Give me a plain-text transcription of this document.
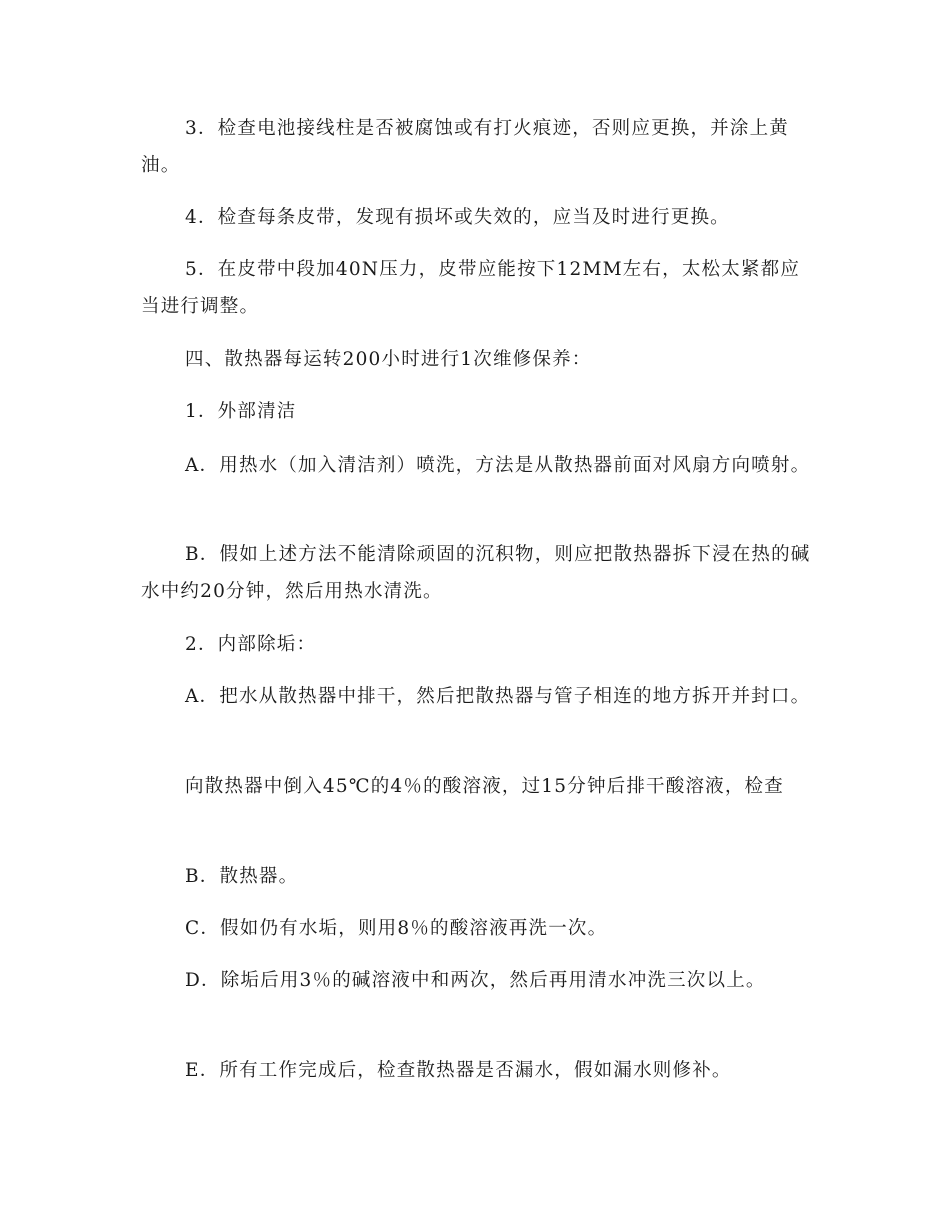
3．检查电池接线柱是否被腐蚀或有打火痕迹，否则应更换，并涂上黄油。

4．检查每条皮带，发现有损坏或失效的，应当及时进行更换。

5．在皮带中段加40N压力，皮带应能按下12MM左右，太松太紧都应当进行调整。

四、散热器每运转200小时进行1次维修保养：

1．外部清洁

A．用热水（加入清洁剂）喷洗，方法是从散热器前面对风扇方向喷射。

B．假如上述方法不能清除顽固的沉积物，则应把散热器拆下浸在热的碱水中约20分钟，然后用热水清洗。

2．内部除垢：

A．把水从散热器中排干，然后把散热器与管子相连的地方拆开并封口。

向散热器中倒入45℃的4％的酸溶液，过15分钟后排干酸溶液，检查

B．散热器。

C．假如仍有水垢，则用8％的酸溶液再洗一次。

D．除垢后用3％的碱溶液中和两次，然后再用清水冲洗三次以上。

E．所有工作完成后，检查散热器是否漏水，假如漏水则修补。
